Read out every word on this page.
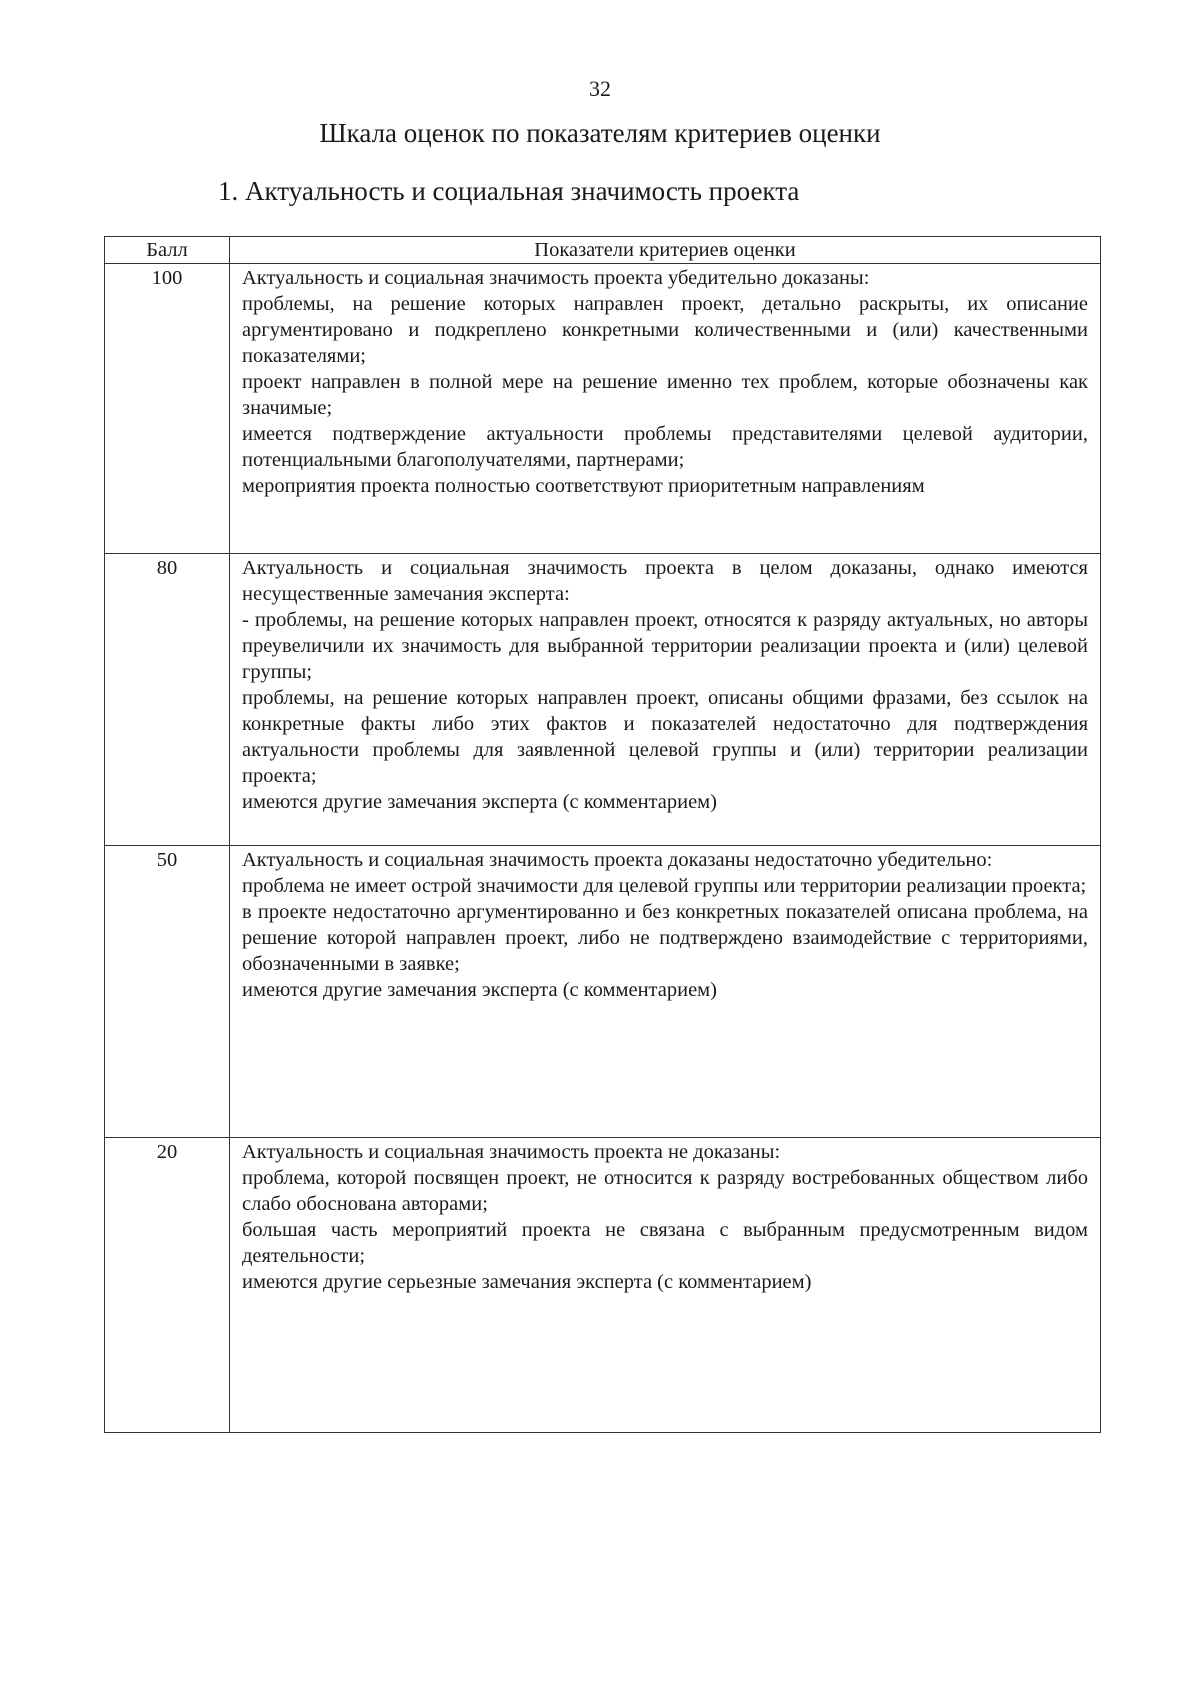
32
Шкала оценок по показателям критериев оценки
1. Актуальность и социальная значимость проекта
Балл	Показатели критериев оценки
100	Актуальность и социальная значимость проекта убедительно доказаны:

проблемы, на решение которых направлен проект, детально раскрыты, их описание аргументировано и подкреплено конкретными количественными и (или) качественными показателями;

проект направлен в полной мере на решение именно тех проблем, которые обозначены как значимые;

имеется подтверждение актуальности проблемы представителями целевой аудитории, потенциальными благополучателями, партнерами;

мероприятия проекта полностью соответствуют приоритетным направлениям

80	Актуальность и социальная значимость проекта в целом доказаны, однако имеются несущественные замечания эксперта:

- проблемы, на решение которых направлен проект, относятся к разряду актуальных, но авторы преувеличили их значимость для выбранной территории реализации проекта и (или) целевой группы;

проблемы, на решение которых направлен проект, описаны общими фразами, без ссылок на конкретные факты либо этих фактов и показателей недостаточно для подтверждения актуальности проблемы для заявленной целевой группы и (или) территории реализации проекта;

имеются другие замечания эксперта (с комментарием)

50	Актуальность и социальная значимость проекта доказаны недостаточно убедительно:

проблема не имеет острой значимости для целевой группы или территории реализации проекта;

в проекте недостаточно аргументированно и без конкретных показателей описана проблема, на решение которой направлен проект, либо не подтверждено взаимодействие с территориями, обозначенными в заявке;

имеются другие замечания эксперта (с комментарием)

20	Актуальность и социальная значимость проекта не доказаны:

проблема, которой посвящен проект, не относится к разряду востребованных обществом либо слабо обоснована авторами;

большая часть мероприятий проекта не связана с выбранным предусмотренным видом деятельности;

имеются другие серьезные замечания эксперта (с комментарием)
